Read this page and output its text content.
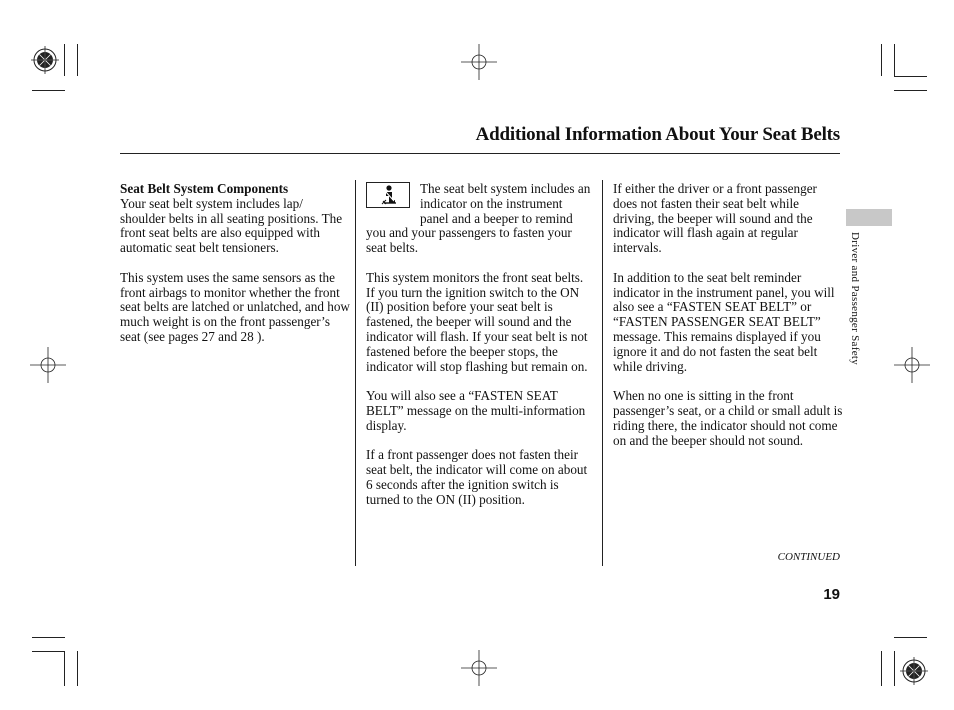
Additional Information About Your Seat Belts

Seat Belt System Components
Your seat belt system includes lap/ shoulder belts in all seating positions. The front seat belts are also equipped with automatic seat belt tensioners.

This system uses the same sensors as the front airbags to monitor whether the front seat belts are latched or unlatched, and how much weight is on the front passenger’s seat (see pages 27 and 28 ).

The seat belt system includes an indicator on the instrument panel and a beeper to remind you and your passengers to fasten your seat belts.

This system monitors the front seat belts. If you turn the ignition switch to the ON (II) position before your seat belt is fastened, the beeper will sound and the indicator will flash. If your seat belt is not fastened before the beeper stops, the indicator will stop flashing but remain on.

You will also see a “FASTEN SEAT BELT” message on the multi-information display.

If a front passenger does not fasten their seat belt, the indicator will come on about 6 seconds after the ignition switch is turned to the ON (II) position.

If either the driver or a front passenger does not fasten their seat belt while driving, the beeper will sound and the indicator will flash again at regular intervals.

In addition to the seat belt reminder indicator in the instrument panel, you will also see a “FASTEN SEAT BELT” or “FASTEN PASSENGER SEAT BELT” message. This remains displayed if you ignore it and do not fasten the seat belt while driving.

When no one is sitting in the front passenger’s seat, or a child or small adult is riding there, the indicator should not come on and the beeper should not sound.

Driver and Passenger Safety
CONTINUED
19
